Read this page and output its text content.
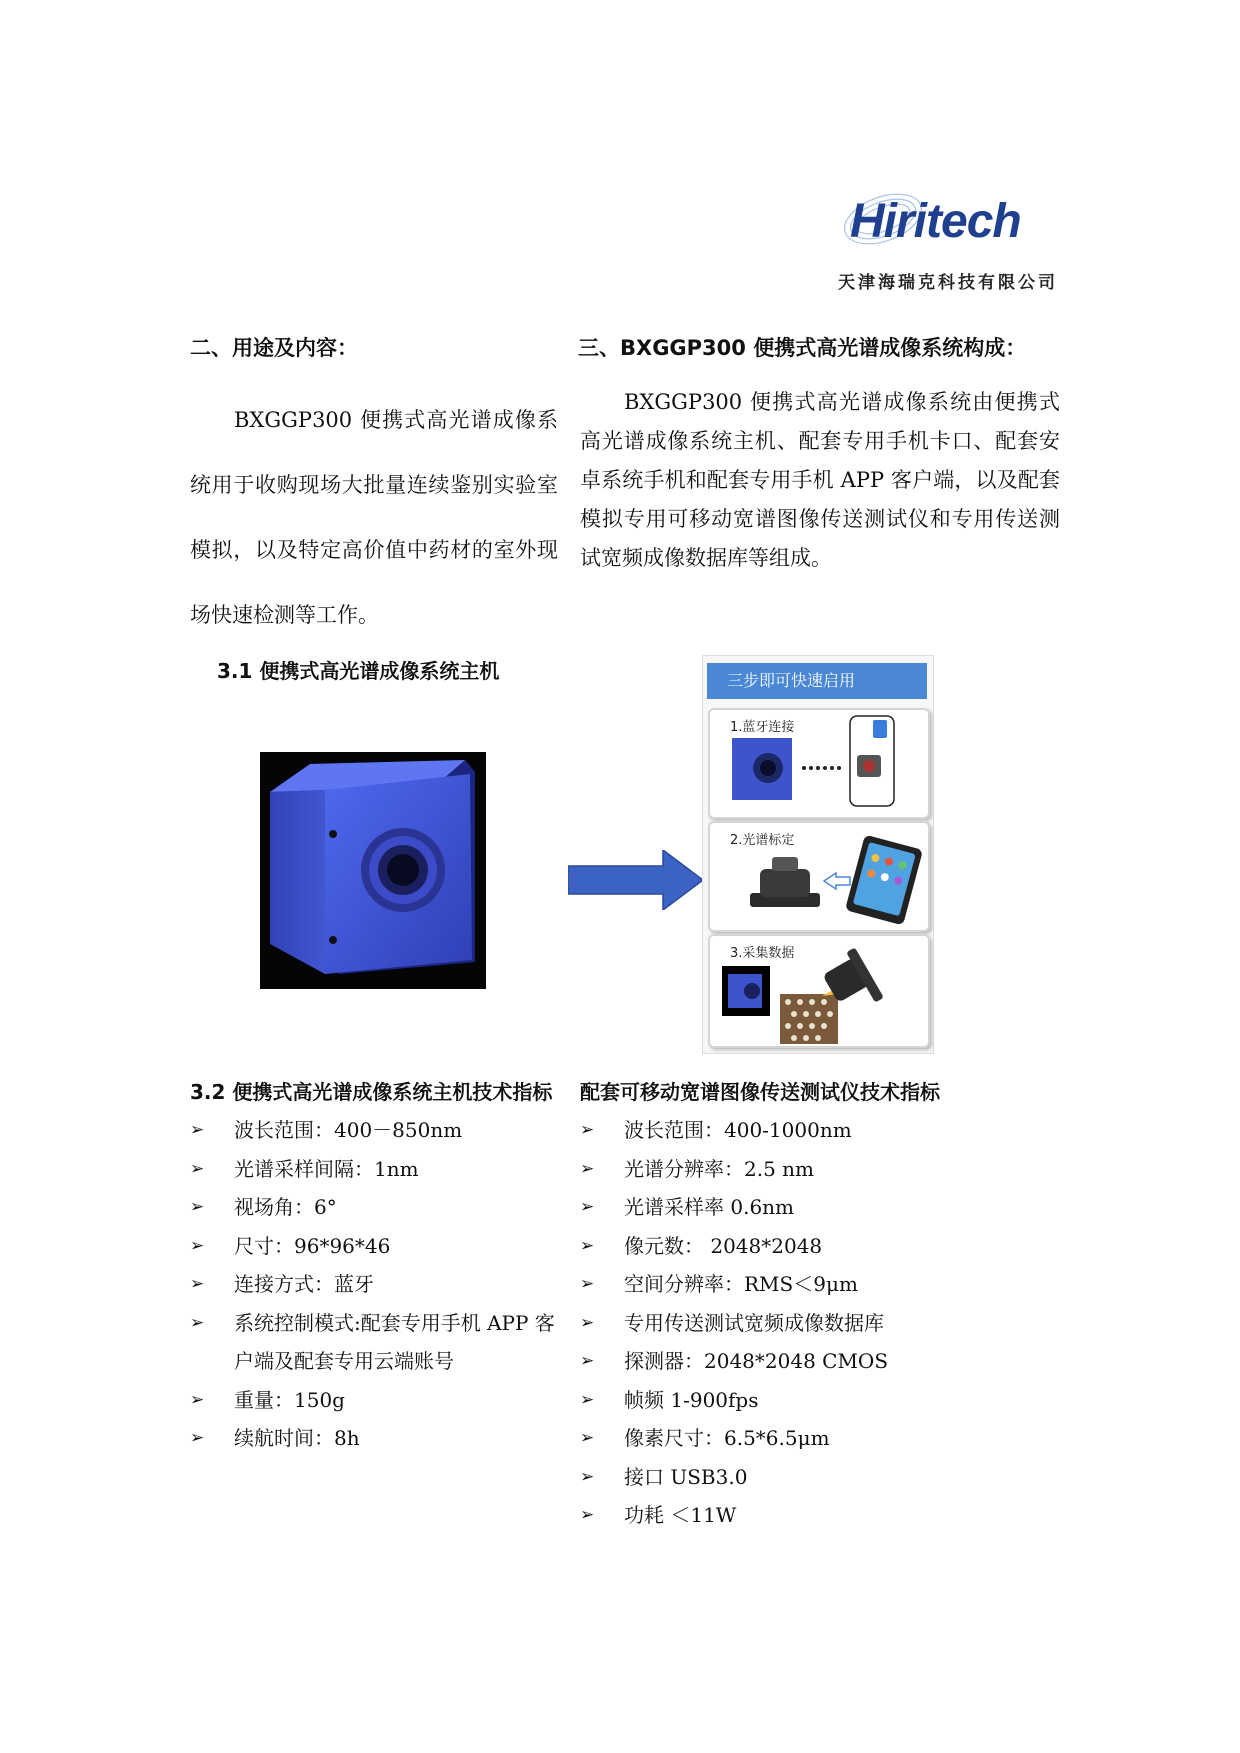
Hiritech
天津海瑞克科技有限公司
二、用途及内容：
BXGGP300 便携式高光谱成像系统用于收购现场大批量连续鉴别实验室模拟，以及特定高价值中药材的室外现场快速检测等工作。
三、BXGGP300 便携式高光谱成像系统构成：
BXGGP300 便携式高光谱成像系统由便携式高光谱成像系统主机、配套专用手机卡口、配套安卓系统手机和配套专用手机 APP 客户端，以及配套模拟专用可移动宽谱图像传送测试仪和专用传送测试宽频成像数据库等组成。
3.1 便携式高光谱成像系统主机	三步即可快速启用
1.蓝牙连接
2.光谱标定
3.采集数据
3.2 便携式高光谱成像系统主机技术指标
➢ 波长范围：400－850nm
➢ 光谱采样间隔：1nm
➢ 视场角：6°
➢ 尺寸：96*96*46
➢ 连接方式：蓝牙
➢ 系统控制模式:配套专用手机 APP 客户端及配套专用云端账号
➢ 重量：150g
➢ 续航时间：8h
配套可移动宽谱图像传送测试仪技术指标
➢ 波长范围：400-1000nm
➢ 光谱分辨率：2.5 nm
➢ 光谱采样率 0.6nm
➢ 像元数： 2048*2048
➢ 空间分辨率：RMS＜9μm
➢ 专用传送测试宽频成像数据库
➢ 探测器：2048*2048 CMOS
➢ 帧频 1-900fps
➢ 像素尺寸：6.5*6.5μm
➢ 接口 USB3.0
➢ 功耗 ＜11W
